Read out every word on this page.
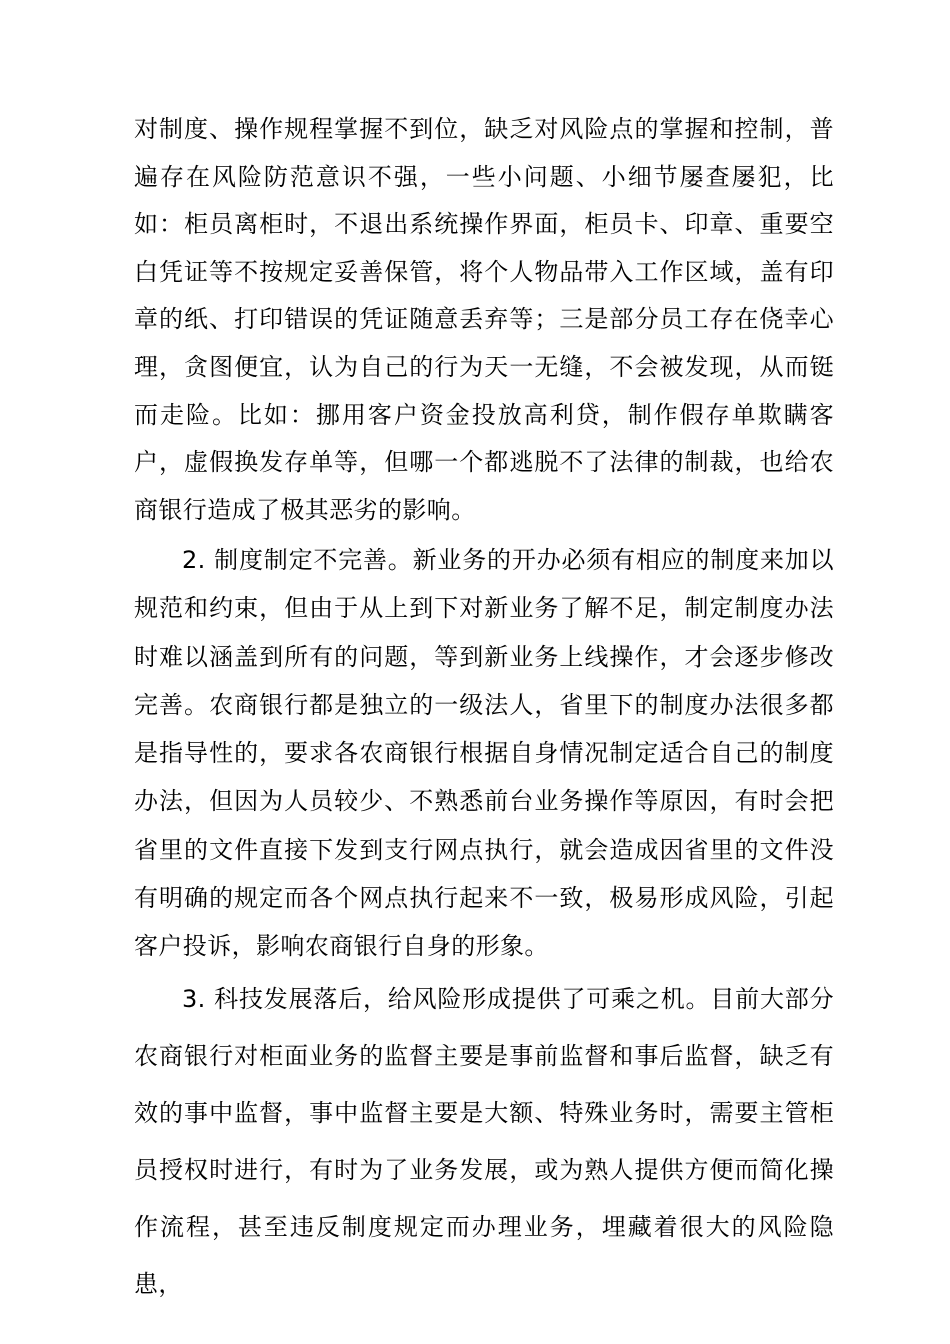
对制度、操作规程掌握不到位，缺乏对风险点的掌握和控制，普遍存在风险防范意识不强，一些小问题、小细节屡查屡犯，比如：柜员离柜时，不退出系统操作界面，柜员卡、印章、重要空白凭证等不按规定妥善保管，将个人物品带入工作区域，盖有印章的纸、打印错误的凭证随意丢弃等；三是部分员工存在侥幸心理，贪图便宜，认为自己的行为天一无缝，不会被发现，从而铤而走险。比如：挪用客户资金投放高利贷，制作假存单欺瞒客户，虚假换发存单等，但哪一个都逃脱不了法律的制裁，也给农商银行造成了极其恶劣的影响。

2. 制度制定不完善。新业务的开办必须有相应的制度来加以规范和约束，但由于从上到下对新业务了解不足，制定制度办法时难以涵盖到所有的问题，等到新业务上线操作，才会逐步修改完善。农商银行都是独立的一级法人，省里下的制度办法很多都是指导性的，要求各农商银行根据自身情况制定适合自己的制度办法，但因为人员较少、不熟悉前台业务操作等原因，有时会把省里的文件直接下发到支行网点执行，就会造成因省里的文件没有明确的规定而各个网点执行起来不一致，极易形成风险，引起客户投诉，影响农商银行自身的形象。

3. 科技发展落后，给风险形成提供了可乘之机。目前大部分农商银行对柜面业务的监督主要是事前监督和事后监督，缺乏有效的事中监督，事中监督主要是大额、特殊业务时，需要主管柜员授权时进行，有时为了业务发展，或为熟人提供方便而简化操作流程，甚至违反制度规定而办理业务，埋藏着很大的风险隐患，
